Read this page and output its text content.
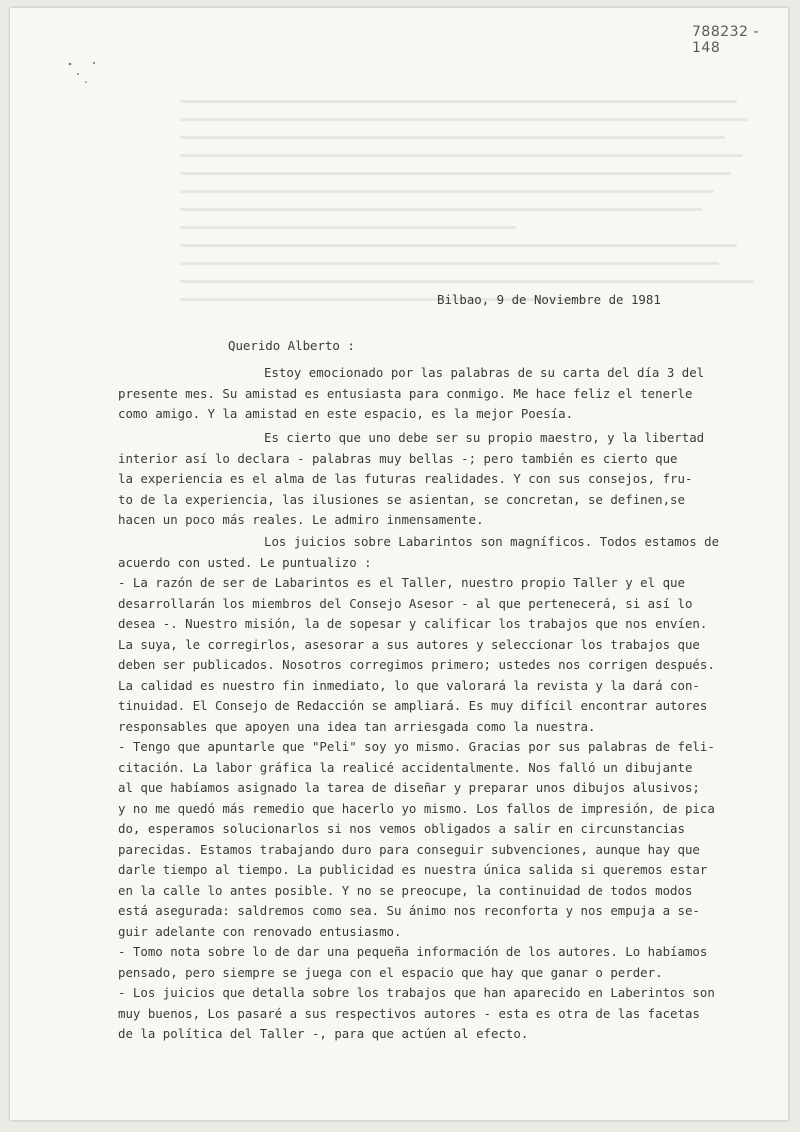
788232 - 148
Bilbao, 9 de Noviembre de 1981
Querido Alberto :
Estoy emocionado por las palabras de su carta del día 3 del
presente mes. Su amistad es entusiasta para conmigo. Me hace feliz el tenerle
como amigo. Y la amistad en este espacio, es la mejor Poesía.
Es cierto que uno debe ser su propio maestro, y la libertad
interior así lo declara - palabras muy bellas -; pero también es cierto que
la experiencia es el alma de las futuras realidades. Y con sus consejos, fru-
to de la experiencia, las ilusiones se asientan, se concretan, se definen,se
hacen un poco más reales. Le admiro inmensamente.
Los juicios sobre Labarintos son magníficos. Todos estamos de
acuerdo con usted. Le puntualizo :
- La razón de ser de Labarintos es el Taller, nuestro propio Taller y el que
desarrollarán los miembros del Consejo Asesor - al que pertenecerá, si así lo
desea -. Nuestro misión, la de sopesar y calificar los trabajos que nos envíen.
La suya, le corregirlos, asesorar a sus autores y seleccionar los trabajos que
deben ser publicados. Nosotros corregimos primero; ustedes nos corrigen después.
La calidad es nuestro fin inmediato, lo que valorará la revista y la dará con-
tinuidad. El Consejo de Redacción se ampliará. Es muy difícil encontrar autores
responsables que apoyen una idea tan arriesgada como la nuestra.
- Tengo que apuntarle que "Peli" soy yo mismo. Gracias por sus palabras de feli-
citación. La labor gráfica la realicé accidentalmente. Nos falló un dibujante
al que habíamos asignado la tarea de diseñar y preparar unos dibujos alusivos;
y no me quedó más remedio que hacerlo yo mismo. Los fallos de impresión, de pica
do, esperamos solucionarlos si nos vemos obligados a salir en circunstancias
parecidas. Estamos trabajando duro para conseguir subvenciones, aunque hay que
darle tiempo al tiempo. La publicidad es nuestra única salida si queremos estar
en la calle lo antes posible. Y no se preocupe, la continuidad de todos modos
está asegurada: saldremos como sea. Su ánimo nos reconforta y nos empuja a se-
guir adelante con renovado entusiasmo.
- Tomo nota sobre lo de dar una pequeña información de los autores. Lo habíamos
pensado, pero siempre se juega con el espacio que hay que ganar o perder.
- Los juicios que detalla sobre los trabajos que han aparecido en Laberintos son
muy buenos, Los pasaré a sus respectivos autores - esta es otra de las facetas
de la política del Taller -, para que actúen al efecto.
